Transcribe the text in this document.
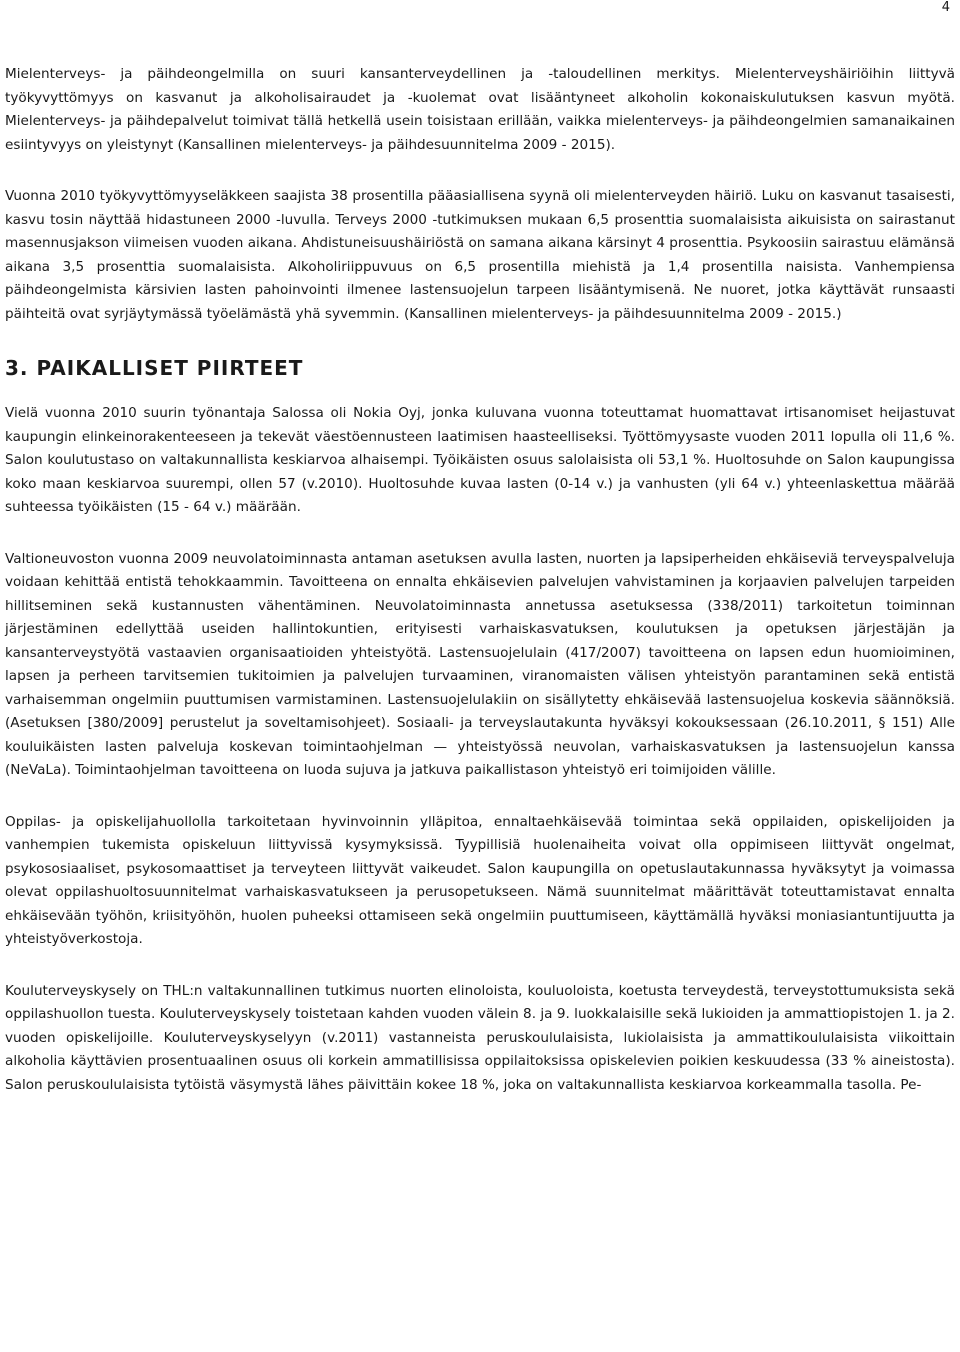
4

Mielenterveys- ja päihdeongelmilla on suuri kansanterveydellinen ja -taloudellinen merkitys. Mielenterveyshäiriöihin liittyvä työkyvyttömyys on kasvanut ja alkoholisairaudet ja -kuolemat ovat lisääntyneet alkoholin kokonaiskulutuksen kasvun myötä. Mielenterveys- ja päihdepalvelut toimivat tällä hetkellä usein toisistaan erillään, vaikka mielenterveys- ja päihdeongelmien samanaikainen esiintyvyys on yleistynyt (Kansallinen mielenterveys- ja päihdesuunnitelma 2009 - 2015).

Vuonna 2010 työkyvyttömyyseläkkeen saajista 38 prosentilla pääasiallisena syynä oli mielenterveyden häiriö. Luku on kasvanut tasaisesti, kasvu tosin näyttää hidastuneen 2000 -luvulla. Terveys 2000 -tutkimuksen mukaan 6,5 prosenttia suomalaisista aikuisista on sairastanut masennusjakson viimeisen vuoden aikana. Ahdistuneisuushäiriöstä on samana aikana kärsinyt 4 prosenttia. Psykoosiin sairastuu elämänsä aikana 3,5 prosenttia suomalaisista. Alkoholiriippuvuus on 6,5 prosentilla miehistä ja 1,4 prosentilla naisista. Vanhempiensa päihdeongelmista kärsivien lasten pahoinvointi ilmenee lastensuojelun tarpeen lisääntymisenä. Ne nuoret, jotka käyttävät runsaasti päihteitä ovat syrjäytymässä työelämästä yhä syvemmin. (Kansallinen mielenterveys- ja päihdesuunnitelma 2009 - 2015.)

3. PAIKALLISET PIIRTEET

Vielä vuonna 2010 suurin työnantaja Salossa oli Nokia Oyj, jonka kuluvana vuonna toteuttamat huomattavat irtisanomiset heijastuvat kaupungin elinkeinorakenteeseen ja tekevät väestöennusteen laatimisen haasteelliseksi. Työttömyysaste vuoden 2011 lopulla oli 11,6 %. Salon koulutustaso on valtakunnallista keskiarvoa alhaisempi. Työikäisten osuus salolaisista oli 53,1 %. Huoltosuhde on Salon kaupungissa koko maan keskiarvoa suurempi, ollen 57 (v.2010). Huoltosuhde kuvaa lasten (0-14 v.) ja vanhusten (yli 64 v.) yhteenlaskettua määrää suhteessa työikäisten (15 - 64 v.) määrään.

Valtioneuvoston vuonna 2009 neuvolatoiminnasta antaman asetuksen avulla lasten, nuorten ja lapsiperheiden ehkäiseviä terveyspalveluja voidaan kehittää entistä tehokkaammin. Tavoitteena on ennalta ehkäisevien palvelujen vahvistaminen ja korjaavien palvelujen tarpeiden hillitseminen sekä kustannusten vähentäminen. Neuvolatoiminnasta annetussa asetuksessa (338/2011) tarkoitetun toiminnan järjestäminen edellyttää useiden hallintokuntien, erityisesti varhaiskasvatuksen, koulutuksen ja opetuksen järjestäjän ja kansanterveystyötä vastaavien organisaatioiden yhteistyötä. Lastensuojelulain (417/2007) tavoitteena on lapsen edun huomioiminen, lapsen ja perheen tarvitsemien tukitoimien ja palvelujen turvaaminen, viranomaisten välisen yhteistyön parantaminen sekä entistä varhaisemman ongelmiin puuttumisen varmistaminen. Lastensuojelulakiin on sisällytetty ehkäisevää lastensuojelua koskevia säännöksiä. (Asetuksen [380/2009] perustelut ja soveltamisohjeet). Sosiaali- ja terveyslautakunta hyväksyi kokouksessaan (26.10.2011, § 151) Alle kouluikäisten lasten palveluja koskevan toimintaohjelman — yhteistyössä neuvolan, varhaiskasvatuksen ja lastensuojelun kanssa (NeVaLa). Toimintaohjelman tavoitteena on luoda sujuva ja jatkuva paikallistason yhteistyö eri toimijoiden välille.

Oppilas- ja opiskelijahuollolla tarkoitetaan hyvinvoinnin ylläpitoa, ennaltaehkäisevää toimintaa sekä oppilaiden, opiskelijoiden ja vanhempien tukemista opiskeluun liittyvissä kysymyksissä. Tyypillisiä huolenaiheita voivat olla oppimiseen liittyvät ongelmat, psykososiaaliset, psykosomaattiset ja terveyteen liittyvät vaikeudet. Salon kaupungilla on opetuslautakunnassa hyväksytyt ja voimassa olevat oppilashuoltosuunnitelmat varhaiskasvatukseen ja perusopetukseen. Nämä suunnitelmat määrittävät toteuttamistavat ennalta ehkäisevään työhön, kriisityöhön, huolen puheeksi ottamiseen sekä ongelmiin puuttumiseen, käyttämällä hyväksi moniasiantuntijuutta ja yhteistyöverkostoja.

Kouluterveyskysely on THL:n valtakunnallinen tutkimus nuorten elinoloista, kouluoloista, koetusta terveydestä, terveystottumuksista sekä oppilashuollon tuesta. Kouluterveyskysely toistetaan kahden vuoden välein 8. ja 9. luokkalaisille sekä lukioiden ja ammattiopistojen 1. ja 2. vuoden opiskelijoille. Kouluterveyskyselyyn (v.2011) vastanneista peruskoululaisista, lukiolaisista ja ammattikoululaisista viikoittain alkoholia käyttävien prosentuaalinen osuus oli korkein ammatillisissa oppilaitoksissa opiskelevien poikien keskuudessa (33 % aineistosta). Salon peruskoululaisista tytöistä väsymystä lähes päivittäin kokee 18 %, joka on valtakunnallista keskiarvoa korkeammalla tasolla. Pe-
